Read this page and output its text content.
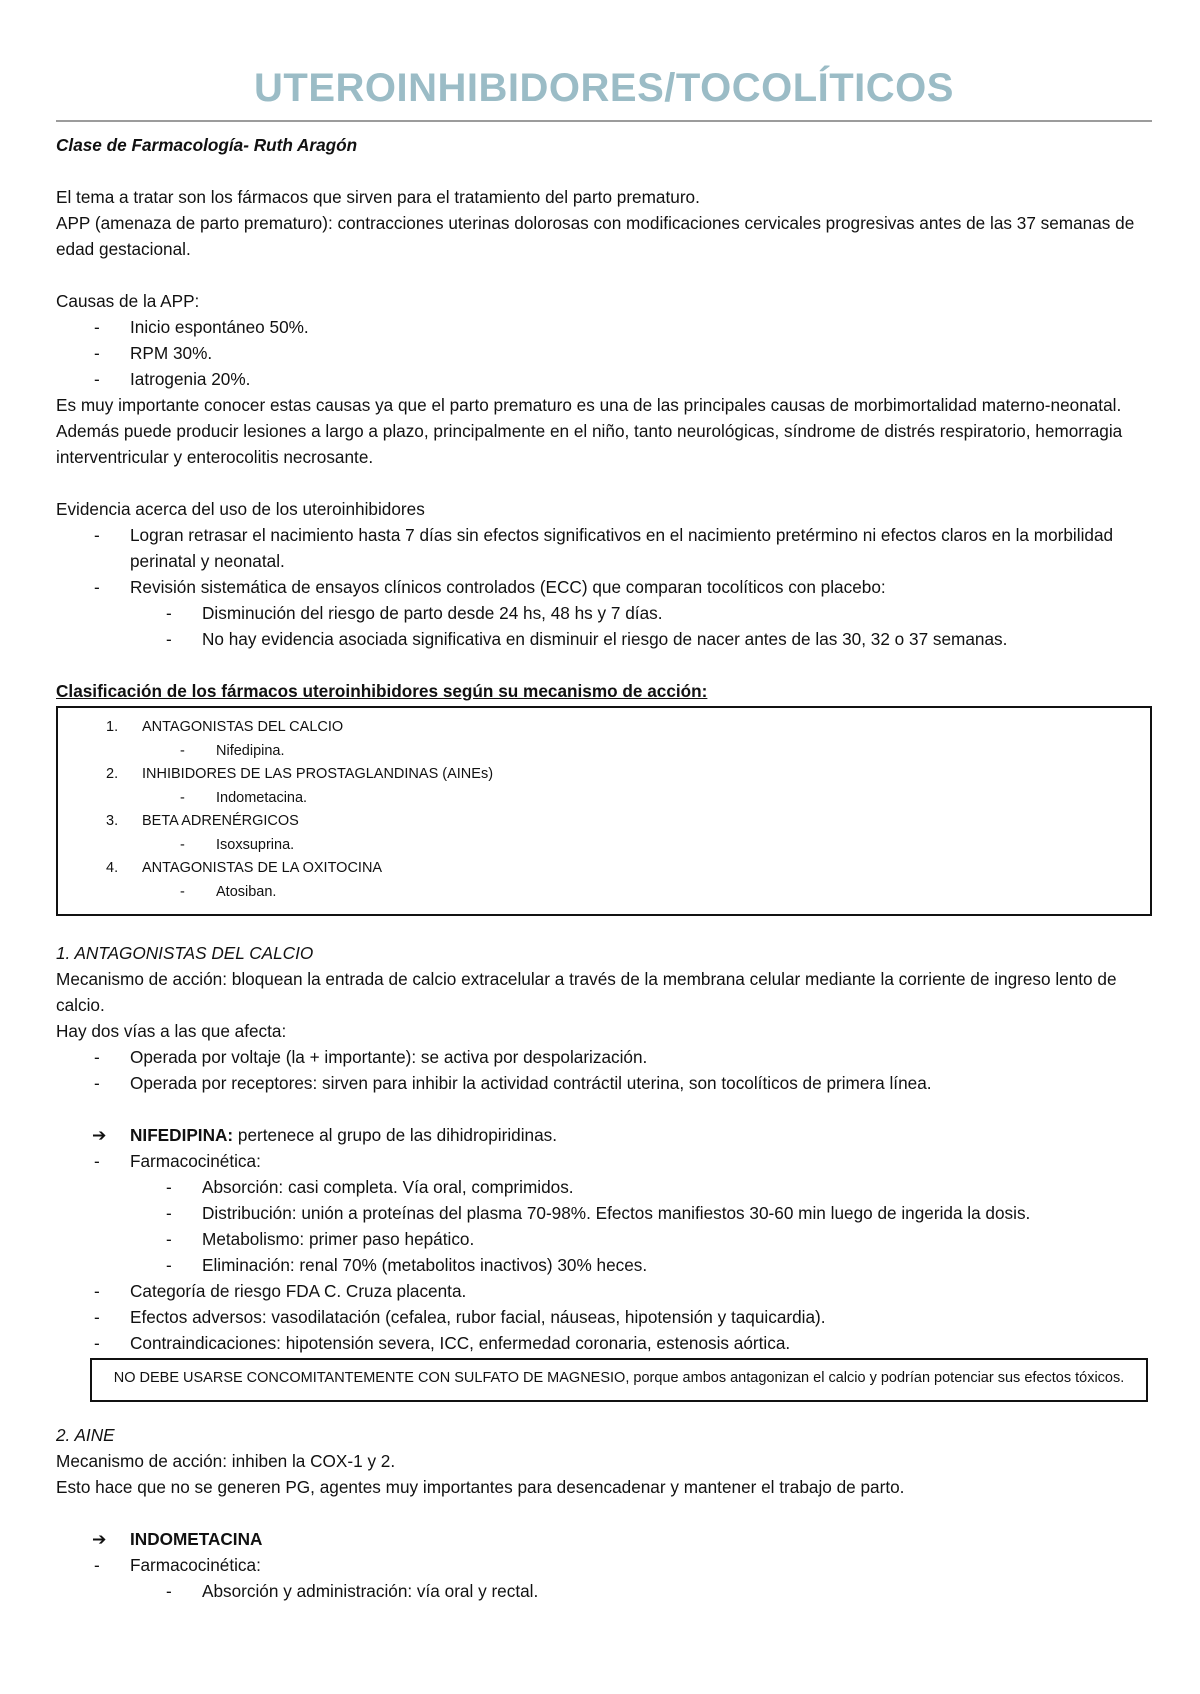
UTEROINHIBIDORES/TOCOLÍTICOS

Clase de Farmacología- Ruth Aragón

El tema a tratar son los fármacos que sirven para el tratamiento del parto prematuro.

APP (amenaza de parto prematuro): contracciones uterinas dolorosas con modificaciones cervicales progresivas antes de las 37 semanas de edad gestacional.

Causas de la APP:

- Inicio espontáneo 50%.
- RPM 30%.
- Iatrogenia 20%.

Es muy importante conocer estas causas ya que el parto prematuro es una de las principales causas de morbimortalidad materno-neonatal. Además puede producir lesiones a largo a plazo, principalmente en el niño, tanto neurológicas, síndrome de distrés respiratorio, hemorragia interventricular y enterocolitis necrosante.

Evidencia acerca del uso de los uteroinhibidores

- Logran retrasar el nacimiento hasta 7 días sin efectos significativos en el nacimiento pretérmino ni efectos claros en la morbilidad perinatal y neonatal.
- Revisión sistemática de ensayos clínicos controlados (ECC) que comparan tocolíticos con placebo:
- Disminución del riesgo de parto desde 24 hs, 48 hs y 7 días.
- No hay evidencia asociada significativa en disminuir el riesgo de nacer antes de las 30, 32 o 37 semanas.

Clasificación de los fármacos uteroinhibidores según su mecanismo de acción:

1. ANTAGONISTAS DEL CALCIO
- Nifedipina.
2. INHIBIDORES DE LAS PROSTAGLANDINAS (AINEs)
- Indometacina.
3. BETA ADRENÉRGICOS
- Isoxsuprina.
4. ANTAGONISTAS DE LA OXITOCINA
- Atosiban.

1. ANTAGONISTAS DEL CALCIO

Mecanismo de acción: bloquean la entrada de calcio extracelular a través de la membrana celular mediante la corriente de ingreso lento de calcio.

Hay dos vías a las que afecta:

- Operada por voltaje (la + importante): se activa por despolarización.
- Operada por receptores: sirven para inhibir la actividad contráctil uterina, son tocolíticos de primera línea.
➔ NIFEDIPINA: pertenece al grupo de las dihidropiridinas.
- Farmacocinética:
- Absorción: casi completa. Vía oral, comprimidos.
- Distribución: unión a proteínas del plasma 70-98%. Efectos manifiestos 30-60 min luego de ingerida la dosis.
- Metabolismo: primer paso hepático.
- Eliminación: renal 70% (metabolitos inactivos) 30% heces.
- Categoría de riesgo FDA C. Cruza placenta.
- Efectos adversos: vasodilatación (cefalea, rubor facial, náuseas, hipotensión y taquicardia).
- Contraindicaciones: hipotensión severa, ICC, enfermedad coronaria, estenosis aórtica.
NO DEBE USARSE CONCOMITANTEMENTE CON SULFATO DE MAGNESIO, porque ambos antagonizan el calcio y podrían potenciar sus efectos tóxicos.

2. AINE

Mecanismo de acción: inhiben la COX-1 y 2.

Esto hace que no se generen PG, agentes muy importantes para desencadenar y mantener el trabajo de parto.

➔ INDOMETACINA
- Farmacocinética:
- Absorción y administración: vía oral y rectal.
